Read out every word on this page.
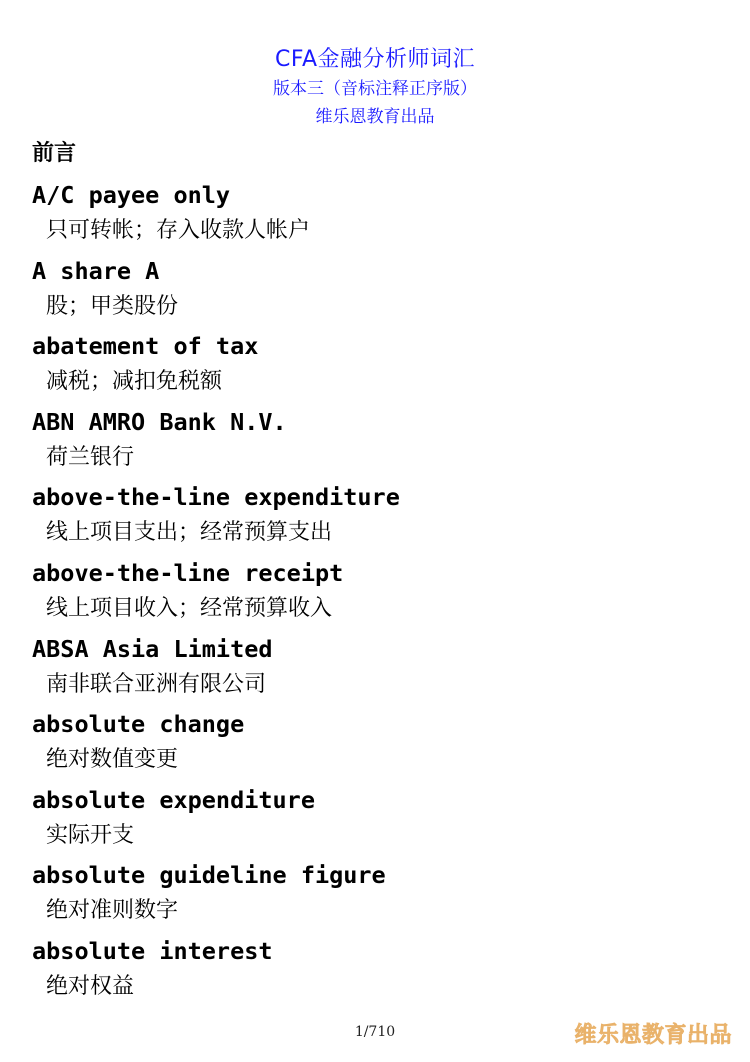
CFA金融分析师词汇
版本三（音标注释正序版）
维乐恩教育出品
前言
A/C payee only
只可转帐；存入收款人帐户
A share A
股；甲类股份
abatement of tax
减税；减扣免税额
ABN AMRO Bank N.V.
荷兰银行
above-the-line expenditure
线上项目支出；经常预算支出
above-the-line receipt
线上项目收入；经常预算收入
ABSA Asia Limited
南非联合亚洲有限公司
absolute change
绝对数值变更
absolute expenditure
实际开支
absolute guideline figure
绝对准则数字
absolute interest
绝对权益
1/710	维乐恩教育出品
